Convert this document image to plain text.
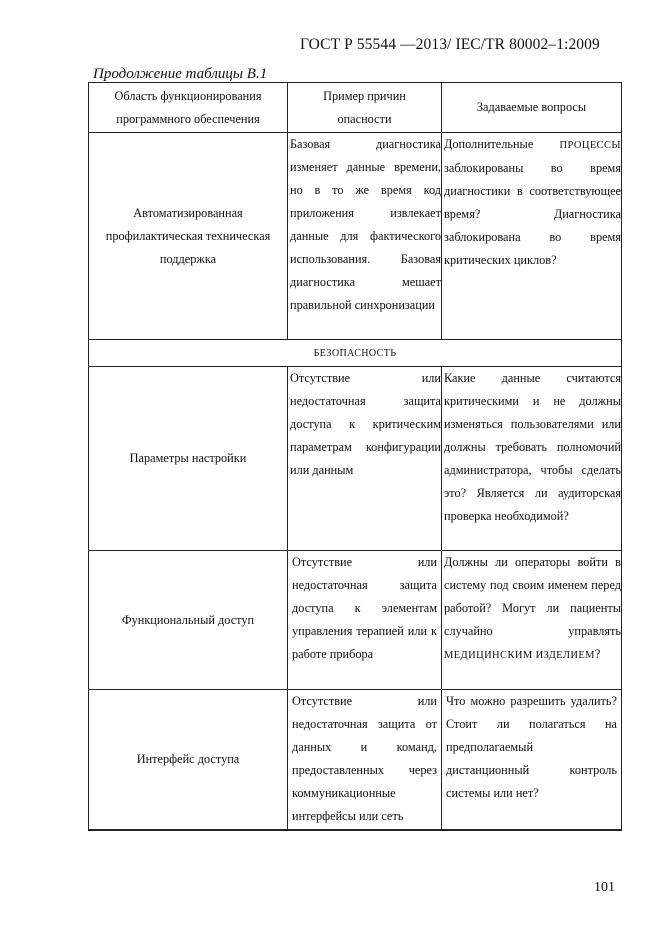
ГОСТ Р 55544 —2013/ IEC/TR 80002–1:2009
Продолжение таблицы В.1
Область функционирования программного обеспечения	Пример причин опасности	Задаваемые вопросы
Автоматизированная профилактическая техническая поддержка	Базовая диагностика изменяет данные времени, но в то же время код приложения извлекает данные для фактического использования. Базовая диагностика мешает правильной синхронизации	Дополнительные ПРОЦЕССЫ заблокированы во время диагностики в соответствующее время? Диагностика заблокирована во время критических циклов?
БЕЗОПАСНОСТЬ		
Параметры настройки	Отсутствие или недостаточная защита доступа к критическим параметрам конфигурации или данным	Какие данные считаются критическими и не должны изменяться пользователями или должны требовать полномочий администратора, чтобы сделать это? Является ли аудиторская проверка необходимой?
Функциональный доступ	Отсутствие или недостаточная защита доступа к элементам управления терапией или к работе прибора	Должны ли операторы войти в систему под своим именем перед работой? Могут ли пациенты случайно управлять МЕДИЦИНСКИМ ИЗДЕЛИЕМ?
Интерфейс доступа	Отсутствие или недостаточная защита от данных и команд, предоставленных через коммуникационные интерфейсы или сеть	Что можно разрешить удалить? Стоит ли полагаться на предполагаемый дистанционный контроль системы или нет?
101
